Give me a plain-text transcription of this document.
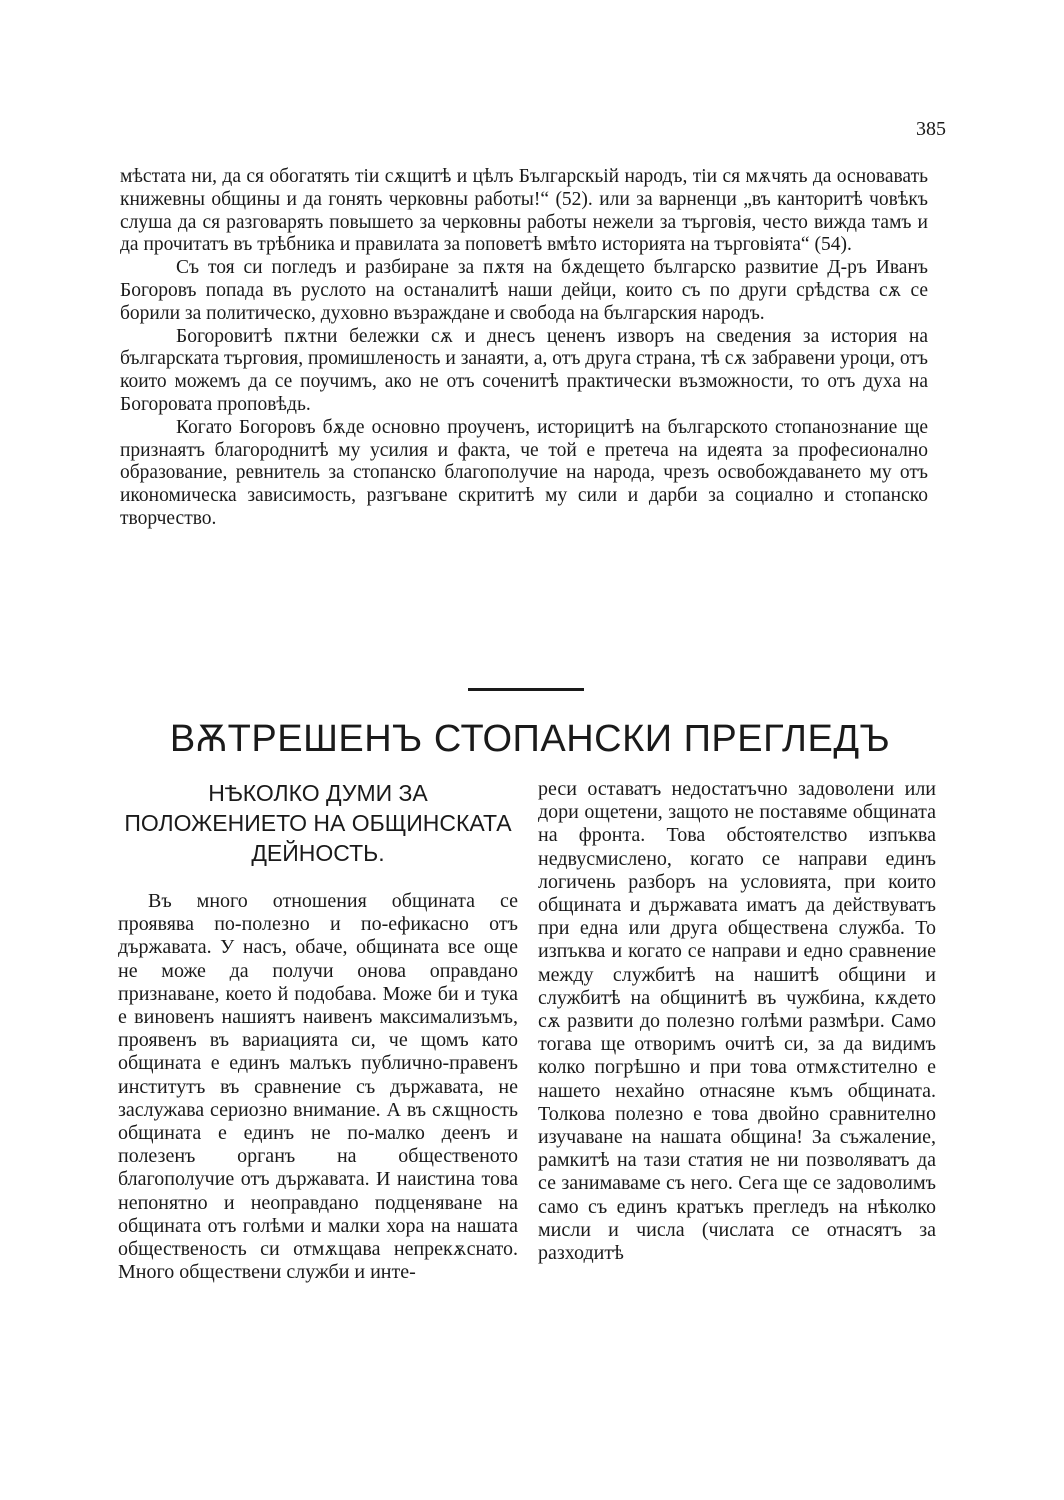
385

мѣстата ни, да ся обогатять тіи сѫщитѣ и цѣлъ Българскьій народъ, тіи ся мѫчять да основавать книжевны общины и да гонять черковны работы!“ (52). или за варненци „въ канторитѣ човѣкъ слуша да ся разговарять повышето за черковны работы нежели за търговія, често вижда тамъ и да прочитатъ въ трѣбника и правилата за поповетѣ вмѣто историята на търговіята“ (54).

Съ тоя си погледъ и разбиране за пѫтя на бѫдещето българско развитие Д-ръ Иванъ Богоровъ попада въ руслото на останалитѣ наши дейци, които съ по други срѣдства сѫ се борили за политическо, духовно възраждане и свобода на българския народъ.

Богоровитѣ пѫтни бележки сѫ и днесъ цененъ изворъ на сведения за история на българската търговия, промишленость и занаяти, а, отъ друга страна, тѣ сѫ забравени уроци, отъ които можемъ да се поучимъ, ако не отъ соченитѣ практически възможности, то отъ духа на Богоровата проповѣдь.

Когато Богоровъ бѫде основно проученъ, историцитѣ на българското стопанознание ще признаятъ благороднитѣ му усилия и факта, че той е претеча на идеята за професионално образование, ревнитель за стопанско благополучие на народа, чрезъ освобождаването му отъ икономическа зависимость, разгъване скрититѣ му сили и дарби за социално и стопанско творчество.

ВѪТРЕШЕНЪ СТОПАНСКИ ПРЕГЛЕДЪ
НѢКОЛКО ДУМИ ЗА ПОЛОЖЕНИЕТО НА ОБЩИНСКАТА ДЕЙНОСТЬ.

Въ много отношения общината се проявява по-полезно и по-ефикасно отъ държавата. У насъ, обаче, общината все още не може да получи онова оправдано признаване, което й подобава. Може би и тука е виновенъ нашиятъ наивенъ максимализъмъ, проявенъ въ вариацията си, че щомъ като общината е единъ малъкъ публично-правенъ институтъ въ сравнение съ държавата, не заслужава сериозно внимание. А въ сѫщность общината е единъ не по-малко деенъ и полезенъ органъ на общественото благополучие отъ държавата. И наистина това непонятно и неоправдано подценяване на общината отъ голѣми и малки хора на нашата общественость си отмѫщава непрекѫснато. Много обществени служби и инте-

реси оставатъ недостатъчно задоволени или дори ощетени, защото не поставяме общината на фронта. Това обстоятелство изпъква недвусмислено, когато се направи единъ логичень разборъ на условията, при които общината и държавата иматъ да действуватъ при една или друга обществена служба. То изпъква и когато се направи и едно сравнение между службитѣ на нашитѣ общини и службитѣ на общинитѣ въ чужбина, кѫдето сѫ развити до полезно голѣми размѣри. Само тогава ще отворимъ очитѣ си, за да видимъ колко погрѣшно и при това отмѫстително е нашето нехайно отнасяне къмъ общината. Толкова полезно е това двойно сравнително изучаване на нашата община! За съжаление, рамкитѣ на тази статия не ни позволяватъ да се занимаваме съ него. Сега ще се задоволимъ само съ единъ кратъкъ прегледъ на нѣколко мисли и числа (числата се отнасятъ за разходитѣ
